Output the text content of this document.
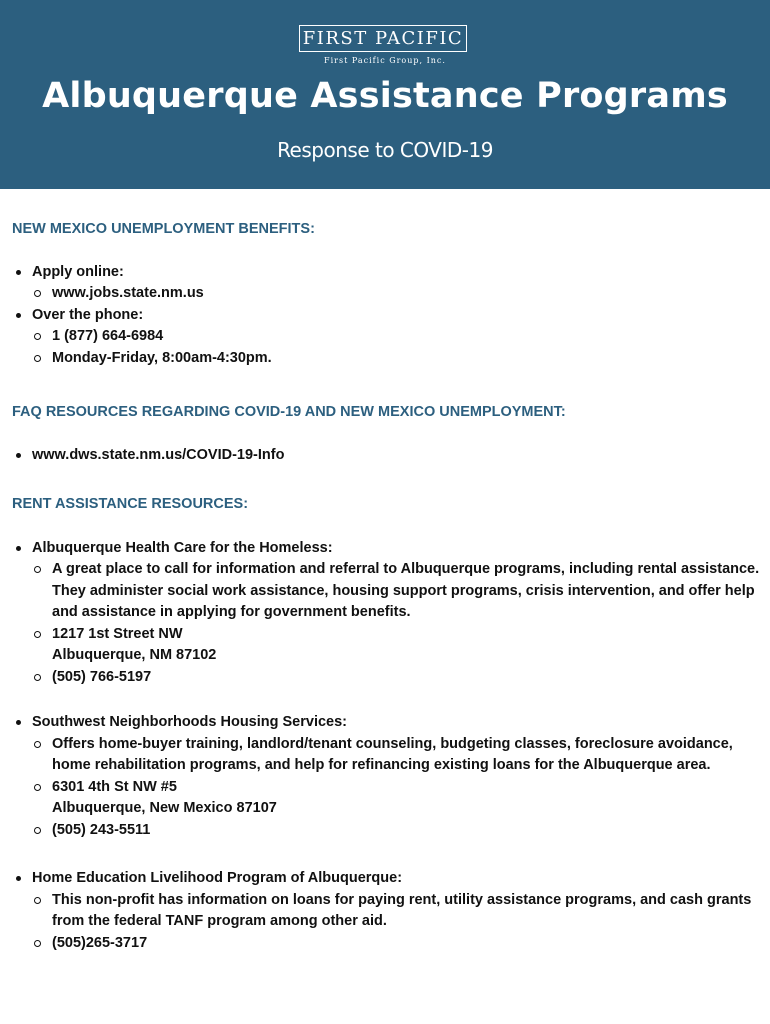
FIRST PACIFIC
First Pacific Group, Inc.
Albuquerque Assistance Programs
Response to COVID-19

NEW MEXICO UNEMPLOYMENT BENEFITS:

Apply online:
www.jobs.state.nm.us
Over the phone:
1 (877) 664-6984
Monday-Friday, 8:00am-4:30pm.

FAQ RESOURCES REGARDING COVID-19 AND NEW MEXICO UNEMPLOYMENT:

www.dws.state.nm.us/COVID-19-Info

RENT ASSISTANCE RESOURCES:

Albuquerque Health Care for the Homeless:
A great place to call for information and referral to Albuquerque programs, including rental assistance. They administer social work assistance, housing support programs, crisis intervention, and offer help and assistance in applying for government benefits.
1217 1st Street NW
Albuquerque, NM 87102
(505) 766-5197
Southwest Neighborhoods Housing Services:
Offers home-buyer training, landlord/tenant counseling, budgeting classes, foreclosure avoidance, home rehabilitation programs, and help for refinancing existing loans for the Albuquerque area.
6301 4th St NW #5
Albuquerque, New Mexico 87107
(505) 243-5511
Home Education Livelihood Program of Albuquerque:
This non-profit has information on loans for paying rent, utility assistance programs, and cash grants from the federal TANF program among other aid.
(505)265-3717
